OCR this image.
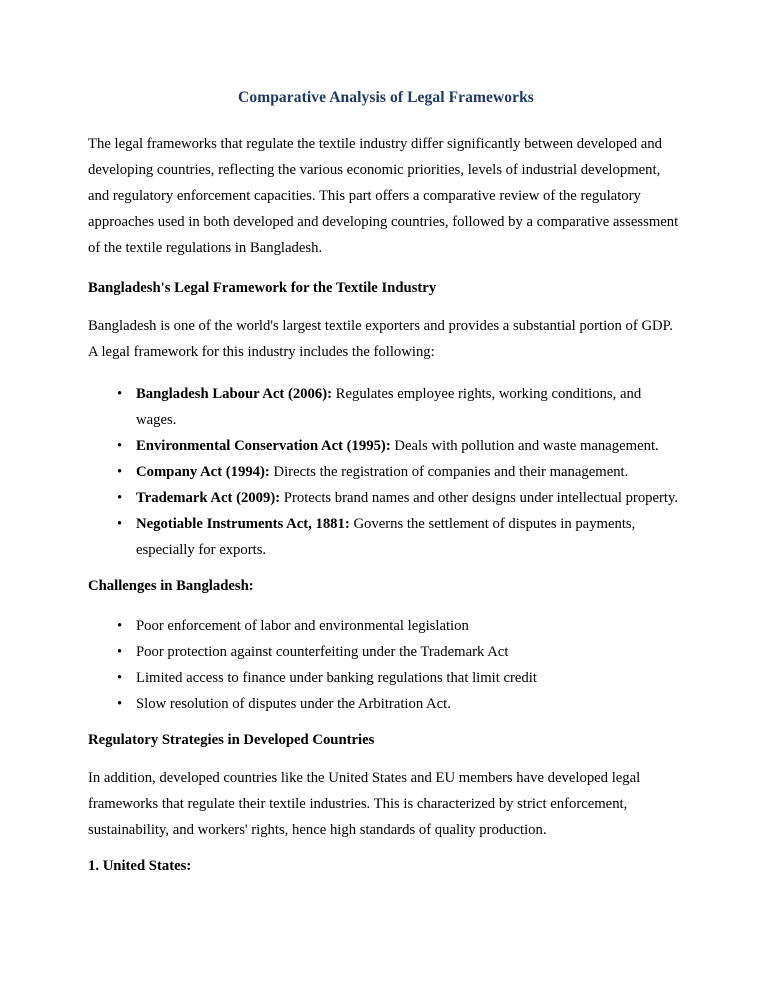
Comparative Analysis of Legal Frameworks

The legal frameworks that regulate the textile industry differ significantly between developed and developing countries, reflecting the various economic priorities, levels of industrial development, and regulatory enforcement capacities. This part offers a comparative review of the regulatory approaches used in both developed and developing countries, followed by a comparative assessment of the textile regulations in Bangladesh.

Bangladesh's Legal Framework for the Textile Industry

Bangladesh is one of the world's largest textile exporters and provides a substantial portion of GDP. A legal framework for this industry includes the following:

• Bangladesh Labour Act (2006): Regulates employee rights, working conditions, and wages.
• Environmental Conservation Act (1995): Deals with pollution and waste management.
• Company Act (1994): Directs the registration of companies and their management.
• Trademark Act (2009): Protects brand names and other designs under intellectual property.
• Negotiable Instruments Act, 1881: Governs the settlement of disputes in payments, especially for exports.
Challenges in Bangladesh:
• Poor enforcement of labor and environmental legislation
• Poor protection against counterfeiting under the Trademark Act
• Limited access to finance under banking regulations that limit credit
• Slow resolution of disputes under the Arbitration Act.
Regulatory Strategies in Developed Countries

In addition, developed countries like the United States and EU members have developed legal frameworks that regulate their textile industries. This is characterized by strict enforcement, sustainability, and workers' rights, hence high standards of quality production.

1. United States:
